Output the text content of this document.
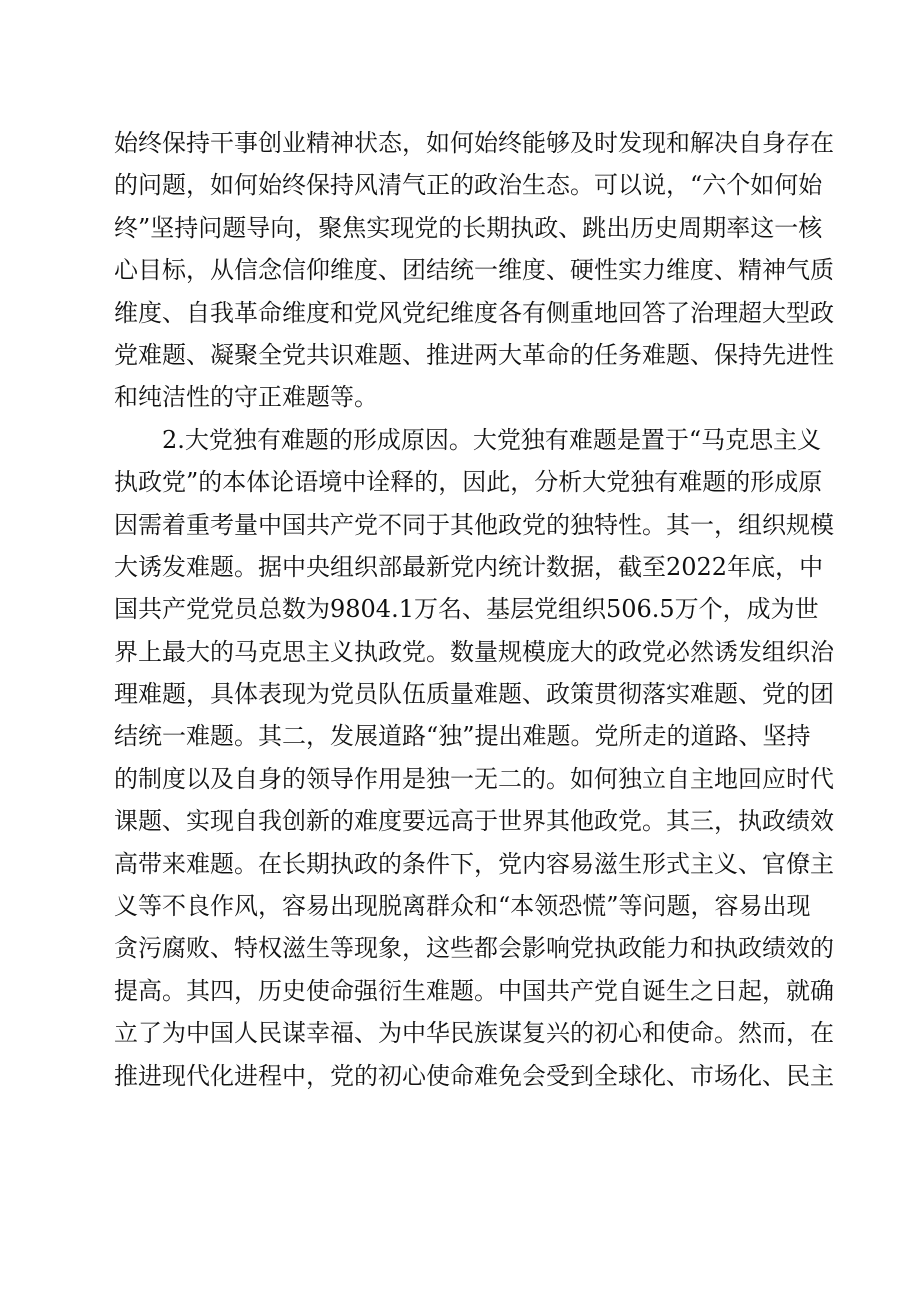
始终保持干事创业精神状态，如何始终能够及时发现和解决自身存在
的问题，如何始终保持风清气正的政治生态。可以说，“六个如何始
终”坚持问题导向，聚焦实现党的长期执政、跳出历史周期率这一核
心目标，从信念信仰维度、团结统一维度、硬性实力维度、精神气质
维度、自我革命维度和党风党纪维度各有侧重地回答了治理超大型政
党难题、凝聚全党共识难题、推进两大革命的任务难题、保持先进性
和纯洁性的守正难题等。
2.大党独有难题的形成原因。大党独有难题是置于“马克思主义
执政党”的本体论语境中诠释的，因此，分析大党独有难题的形成原
因需着重考量中国共产党不同于其他政党的独特性。其一，组织规模
大诱发难题。据中央组织部最新党内统计数据，截至2022年底，中
国共产党党员总数为9804.1万名、基层党组织506.5万个，成为世
界上最大的马克思主义执政党。数量规模庞大的政党必然诱发组织治
理难题，具体表现为党员队伍质量难题、政策贯彻落实难题、党的团
结统一难题。其二，发展道路“独”提出难题。党所走的道路、坚持
的制度以及自身的领导作用是独一无二的。如何独立自主地回应时代
课题、实现自我创新的难度要远高于世界其他政党。其三，执政绩效
高带来难题。在长期执政的条件下，党内容易滋生形式主义、官僚主
义等不良作风，容易出现脱离群众和“本领恐慌”等问题，容易出现
贪污腐败、特权滋生等现象，这些都会影响党执政能力和执政绩效的
提高。其四，历史使命强衍生难题。中国共产党自诞生之日起，就确
立了为中国人民谋幸福、为中华民族谋复兴的初心和使命。然而，在
推进现代化进程中，党的初心使命难免会受到全球化、市场化、民主
